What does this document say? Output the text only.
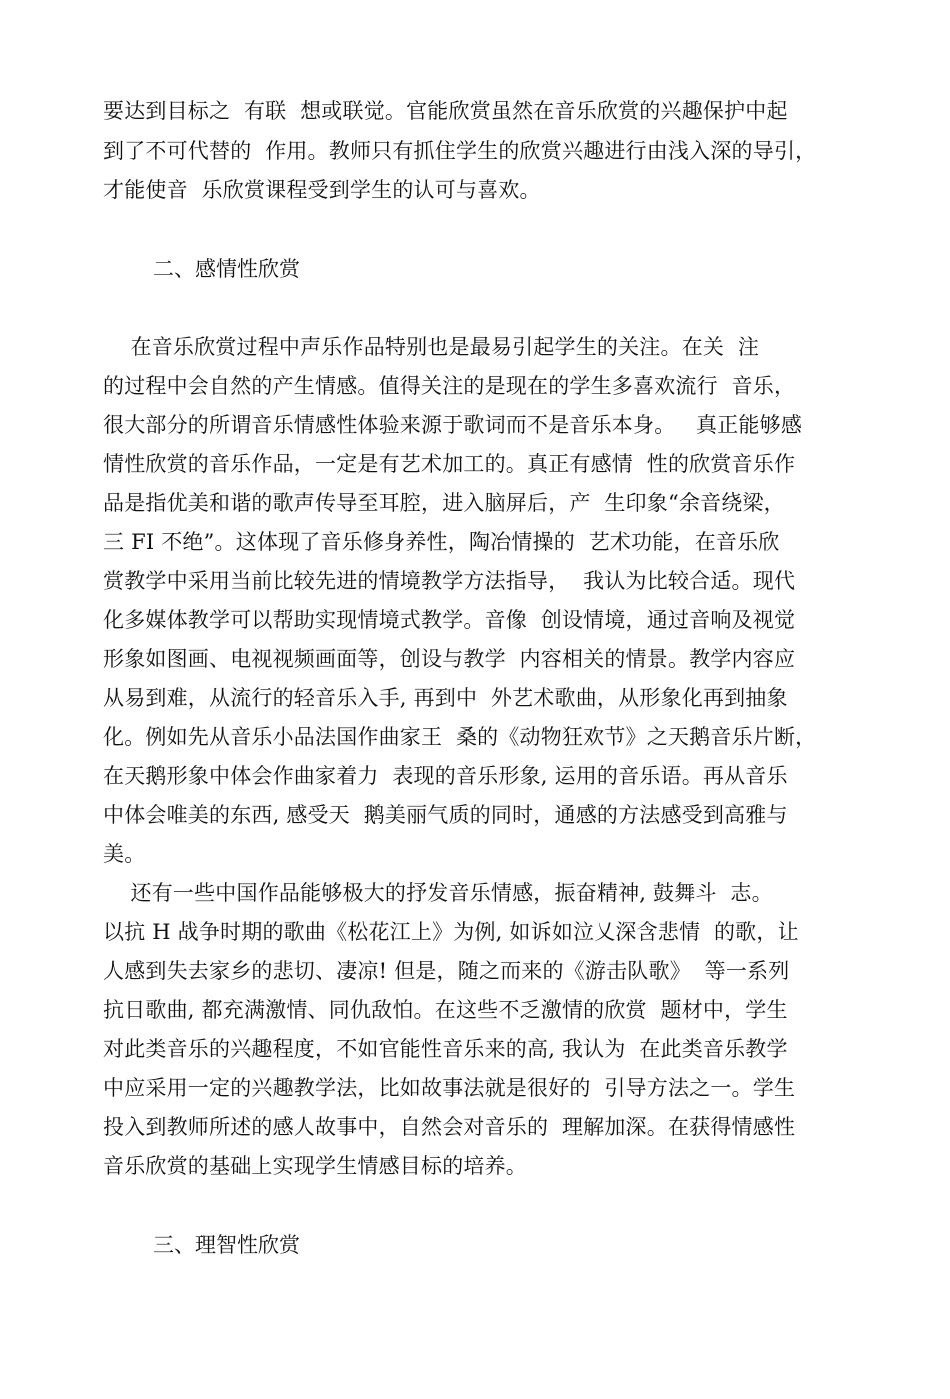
要达到目标之  有联  想或联觉。官能欣赏虽然在音乐欣赏的兴趣保护中起
到了不可代替的  作用。教师只有抓住学生的欣赏兴趣进行由浅入深的导引，
才能使音  乐欣赏课程受到学生的认可与喜欢。
二、感情性欣赏
在音乐欣赏过程中声乐作品特别也是最易引起学生的关注。在关  注
的过程中会自然的产生情感。值得关注的是现在的学生多喜欢流行  音乐，
很大部分的所谓音乐情感性体验来源于歌词而不是音乐本身。   真正能够感
情性欣赏的音乐作品，一定是有艺术加工的。真正有感情  性的欣赏音乐作
品是指优美和谐的歌声传导至耳腔，进入脑屏后，产  生印象“余音绕梁，
三 FI 不绝”。这体现了音乐修身养性，陶冶情操的  艺术功能，在音乐欣
赏教学中采用当前比较先进的情境教学方法指导，  我认为比较合适。现代
化多媒体教学可以帮助实现情境式教学。音像  创设情境，通过音响及视觉
形象如图画、电视视频画面等，创设与教学  内容相关的情景。教学内容应
从易到难，从流行的轻音乐入手, 再到中  外艺术歌曲，从形象化再到抽象
化。例如先从音乐小品法国作曲家王  桑的《动物狂欢节》之天鹅音乐片断，
在天鹅形象中体会作曲家着力  表现的音乐形象, 运用的音乐语。再从音乐
中体会唯美的东西, 感受天  鹅美丽气质的同时，通感的方法感受到高雅与
美。
还有一些中国作品能够极大的抒发音乐情感，振奋精神, 鼓舞斗  志。
以抗 H 战争时期的歌曲《松花江上》为例, 如诉如泣乂深含悲情  的歌，让
人感到失去家乡的悲切、凄凉! 但是，随之而来的《游击队歌》  等一系列
抗日歌曲, 都充满激情、同仇敌怕。在这些不乏激情的欣赏  题材中，学生
对此类音乐的兴趣程度，不如官能性音乐来的高, 我认为  在此类音乐教学
中应采用一定的兴趣教学法，比如故事法就是很好的  引导方法之一。学生
投入到教师所述的感人故事中，自然会对音乐的  理解加深。在获得情感性
音乐欣赏的基础上实现学生情感目标的培养。
三、理智性欣赏
